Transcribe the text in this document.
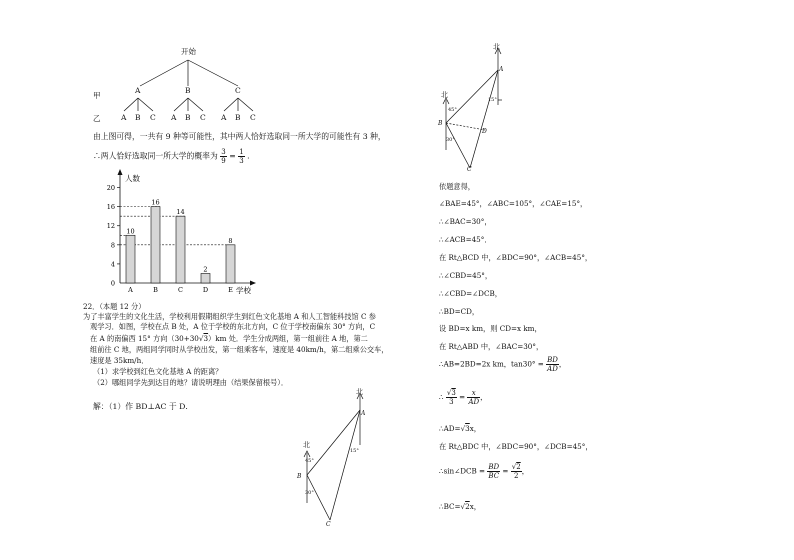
开始
甲
乙
A	B	C
A B C A B C A B C
由上图可得，一共有 9 种等可能性，其中两人恰好选取同一所大学的可能性有 3 种，
∴两人恰好选取同一所大学的概率为 $\frac{3}{9} = \frac{1}{3}$ .
人数
学校
0
4
8
12
16
20
10
A
16
B
14
C
2
D
8
E
22．（本题 12 分）
为了丰富学生的文化生活，学校利用假期组织学生到红色文化基地 A 和人工智能科技馆 C 参
观学习．如图，学校在点 B 处，A 位于学校的东北方向，C 位于学校南偏东 30° 方向，C
在 A 的南偏西 15° 方向（30+30√3）km 处．学生分成两组，第一组前往 A 地，第二
组前往 C 地，两组同学同时从学校出发，第一组乘客车，速度是 40km/h，第二组乘公交车，
速度是 35km/h．
（1）求学校到红色文化基地 A 的距离？
（2）哪组同学先到达目的地？请说明理由（结果保留根号）．
解：（1）作 BD⊥AC 于 D．
北
北
A
B
C
45°
30°
15°
北
北
A
B
C
D
45°
30°
15°
依题意得，
∠BAE=45°，∠ABC=105°，∠CAE=15°，
∴∠BAC=30°，
∴∠ACB=45°．
在 Rt△BCD 中，∠BDC=90°，∠ACB=45°，
∴∠CBD=45°，
∴∠CBD=∠DCB，
∴BD=CD，
设 BD=x km，则 CD=x km，
在 Rt△ABD 中，∠BAC=30°，
∴AB=2BD=2x km，$\tan 30^\circ = \frac{BD}{AD}$ ，
∴ $\frac{√3}{3} = \frac{x}{AD}$ ，
∴AD=√3x，
在 Rt△BDC 中，∠BDC=90°，∠DCB=45°，
∴sin∠DCB = $\frac{BD}{BC} = \frac{√2}{2}$ ，
∴BC=√2x，
